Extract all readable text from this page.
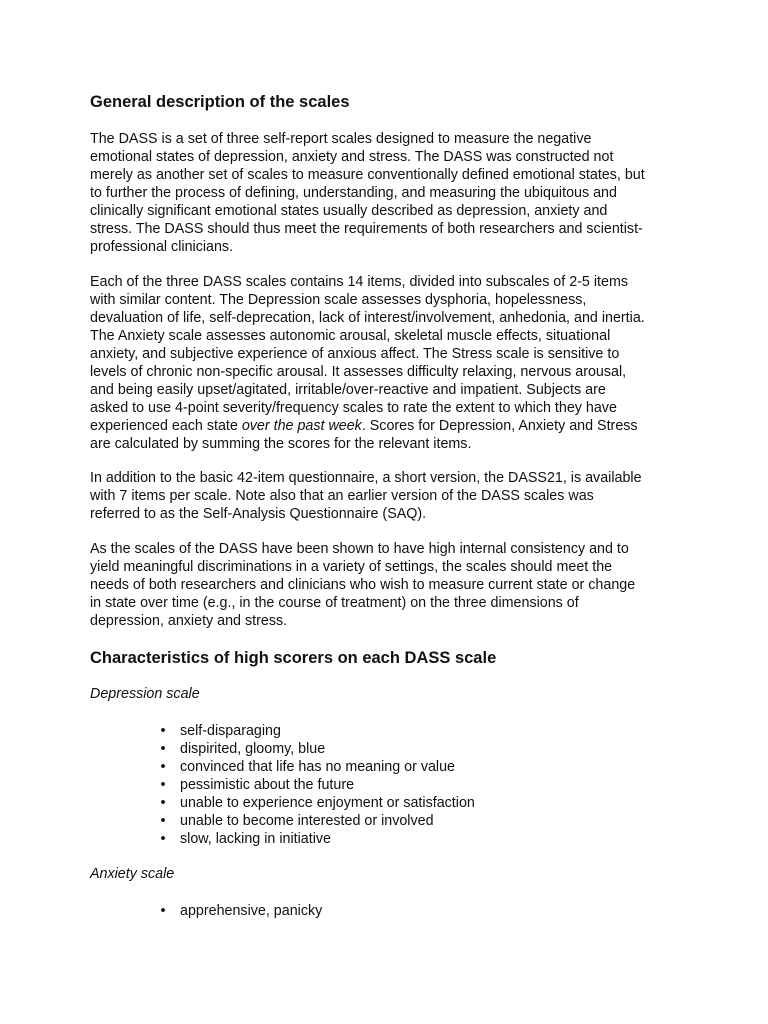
General description of the scales

The DASS is a set of three self-report scales designed to measure the negative
emotional states of depression, anxiety and stress. The DASS was constructed not
merely as another set of scales to measure conventionally defined emotional states, but
to further the process of defining, understanding, and measuring the ubiquitous and
clinically significant emotional states usually described as depression, anxiety and
stress. The DASS should thus meet the requirements of both researchers and scientist-
professional clinicians.

Each of the three DASS scales contains 14 items, divided into subscales of 2-5 items
with similar content. The Depression scale assesses dysphoria, hopelessness,
devaluation of life, self-deprecation, lack of interest/involvement, anhedonia, and inertia.
The Anxiety scale assesses autonomic arousal, skeletal muscle effects, situational
anxiety, and subjective experience of anxious affect. The Stress scale is sensitive to
levels of chronic non-specific arousal. It assesses difficulty relaxing, nervous arousal,
and being easily upset/agitated, irritable/over-reactive and impatient. Subjects are
asked to use 4-point severity/frequency scales to rate the extent to which they have
experienced each state over the past week. Scores for Depression, Anxiety and Stress
are calculated by summing the scores for the relevant items.

In addition to the basic 42-item questionnaire, a short version, the DASS21, is available
with 7 items per scale. Note also that an earlier version of the DASS scales was
referred to as the Self-Analysis Questionnaire (SAQ).

As the scales of the DASS have been shown to have high internal consistency and to
yield meaningful discriminations in a variety of settings, the scales should meet the
needs of both researchers and clinicians who wish to measure current state or change
in state over time (e.g., in the course of treatment) on the three dimensions of
depression, anxiety and stress.

Characteristics of high scorers on each DASS scale

Depression scale

• self-disparaging
• dispirited, gloomy, blue
• convinced that life has no meaning or value
• pessimistic about the future
• unable to experience enjoyment or satisfaction
• unable to become interested or involved
• slow, lacking in initiative

Anxiety scale

• apprehensive, panicky
